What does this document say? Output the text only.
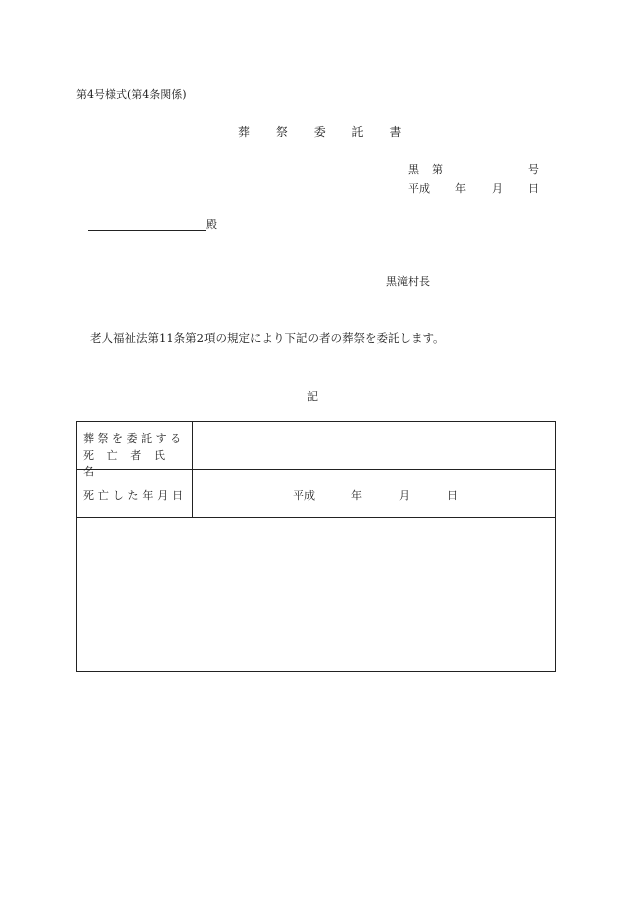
第4号様式(第4条関係)
葬 祭 委 託 書
黒 第	号
平成 年 月 日
殿
黒滝村長
老人福祉法第11条第2項の規定により下記の者の葬祭を委託します。
記
葬祭を委託する
死亡者氏名
死亡した年月日	平成	年	月	日
